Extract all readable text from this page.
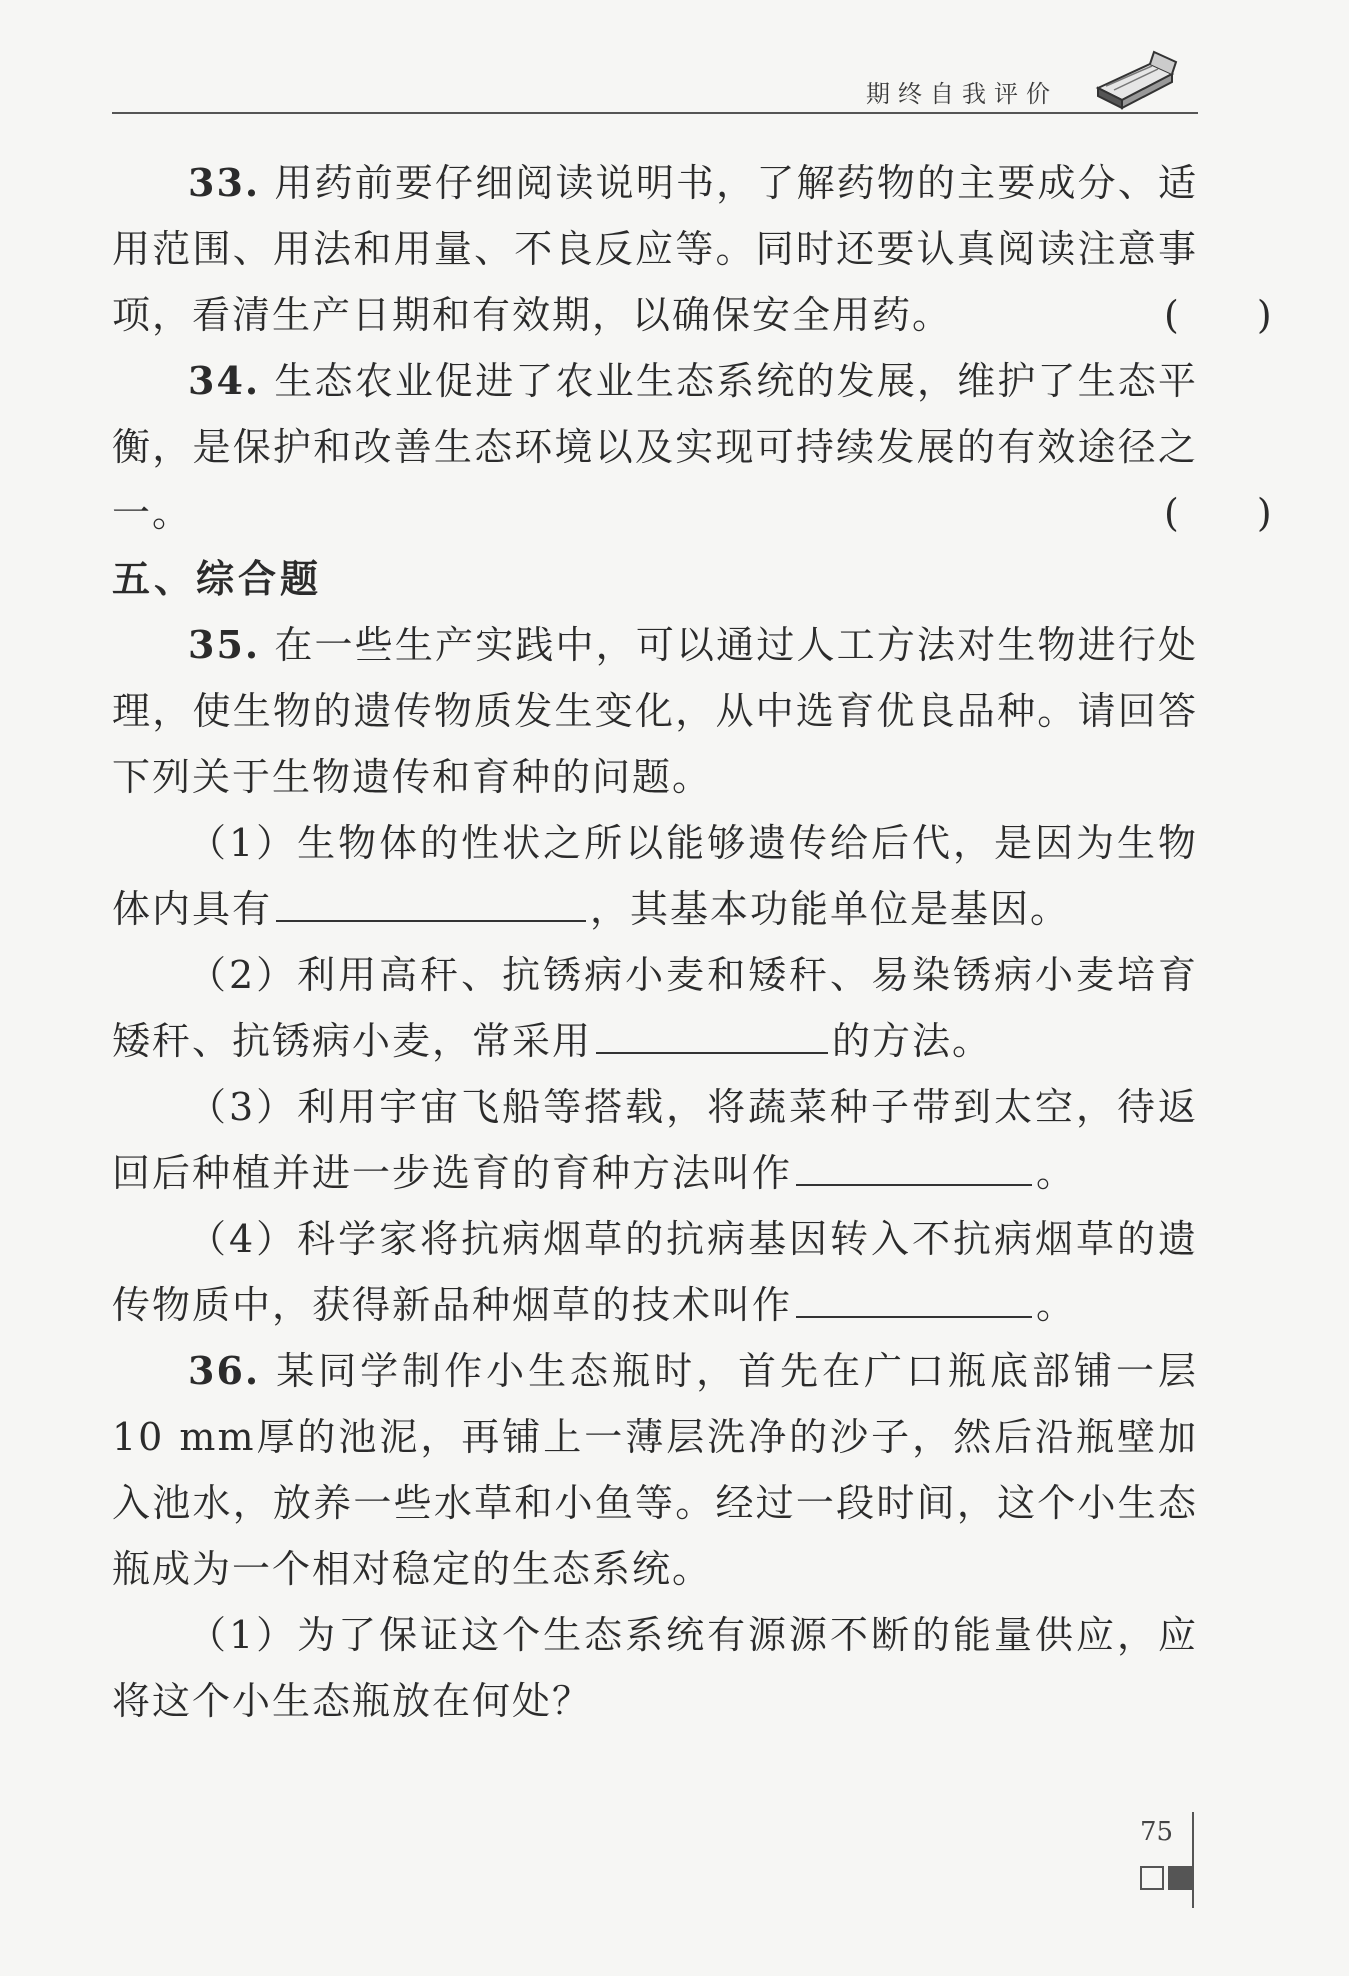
期终自我评价

33. 用药前要仔细阅读说明书，了解药物的主要成分、适用范围、用法和用量、不良反应等。同时还要认真阅读注意事项，看清生产日期和有效期，以确保安全用药。	(	)

34. 生态农业促进了农业生态系统的发展，维护了生态平衡，是保护和改善生态环境以及实现可持续发展的有效途径之一。	(	)

五、综合题

35. 在一些生产实践中，可以通过人工方法对生物进行处理，使生物的遗传物质发生变化，从中选育优良品种。请回答下列关于生物遗传和育种的问题。

（1）生物体的性状之所以能够遗传给后代，是因为生物体内具有	，其基本功能单位是基因。

（2）利用高秆、抗锈病小麦和矮秆、易染锈病小麦培育矮秆、抗锈病小麦，常采用	的方法。

（3）利用宇宙飞船等搭载，将蔬菜种子带到太空，待返回后种植并进一步选育的育种方法叫作	。

（4）科学家将抗病烟草的抗病基因转入不抗病烟草的遗传物质中，获得新品种烟草的技术叫作	。

36. 某同学制作小生态瓶时，首先在广口瓶底部铺一层10 mm厚的池泥，再铺上一薄层洗净的沙子，然后沿瓶壁加入池水，放养一些水草和小鱼等。经过一段时间，这个小生态瓶成为一个相对稳定的生态系统。

（1）为了保证这个生态系统有源源不断的能量供应，应将这个小生态瓶放在何处？

75
